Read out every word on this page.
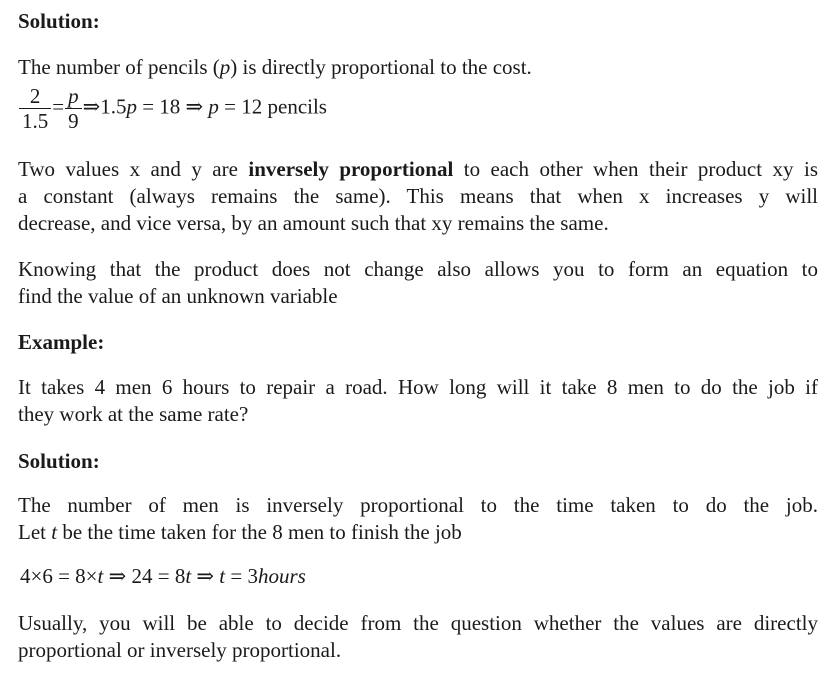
Solution:
The number of pencils (p) is directly proportional to the cost.
$\frac{2}{1.5} = \frac{p}{9}$ ⇒1.5p = 18 ⇒ p = 12 pencils
Two values x and y are inversely proportional to each other when their product xy is
a constant (always remains the same). This means that when x increases y will
decrease, and vice versa, by an amount such that xy remains the same.
Knowing that the product does not change also allows you to form an equation to
find the value of an unknown variable
Example:
It takes 4 men 6 hours to repair a road. How long will it take 8 men to do the job if
they work at the same rate?
Solution:
The number of men is inversely proportional to the time taken to do the job.
Let t be the time taken for the 8 men to finish the job
4×6 = 8×t ⇒ 24 = 8t ⇒ t = 3hours
Usually, you will be able to decide from the question whether the values are directly
proportional or inversely proportional.
